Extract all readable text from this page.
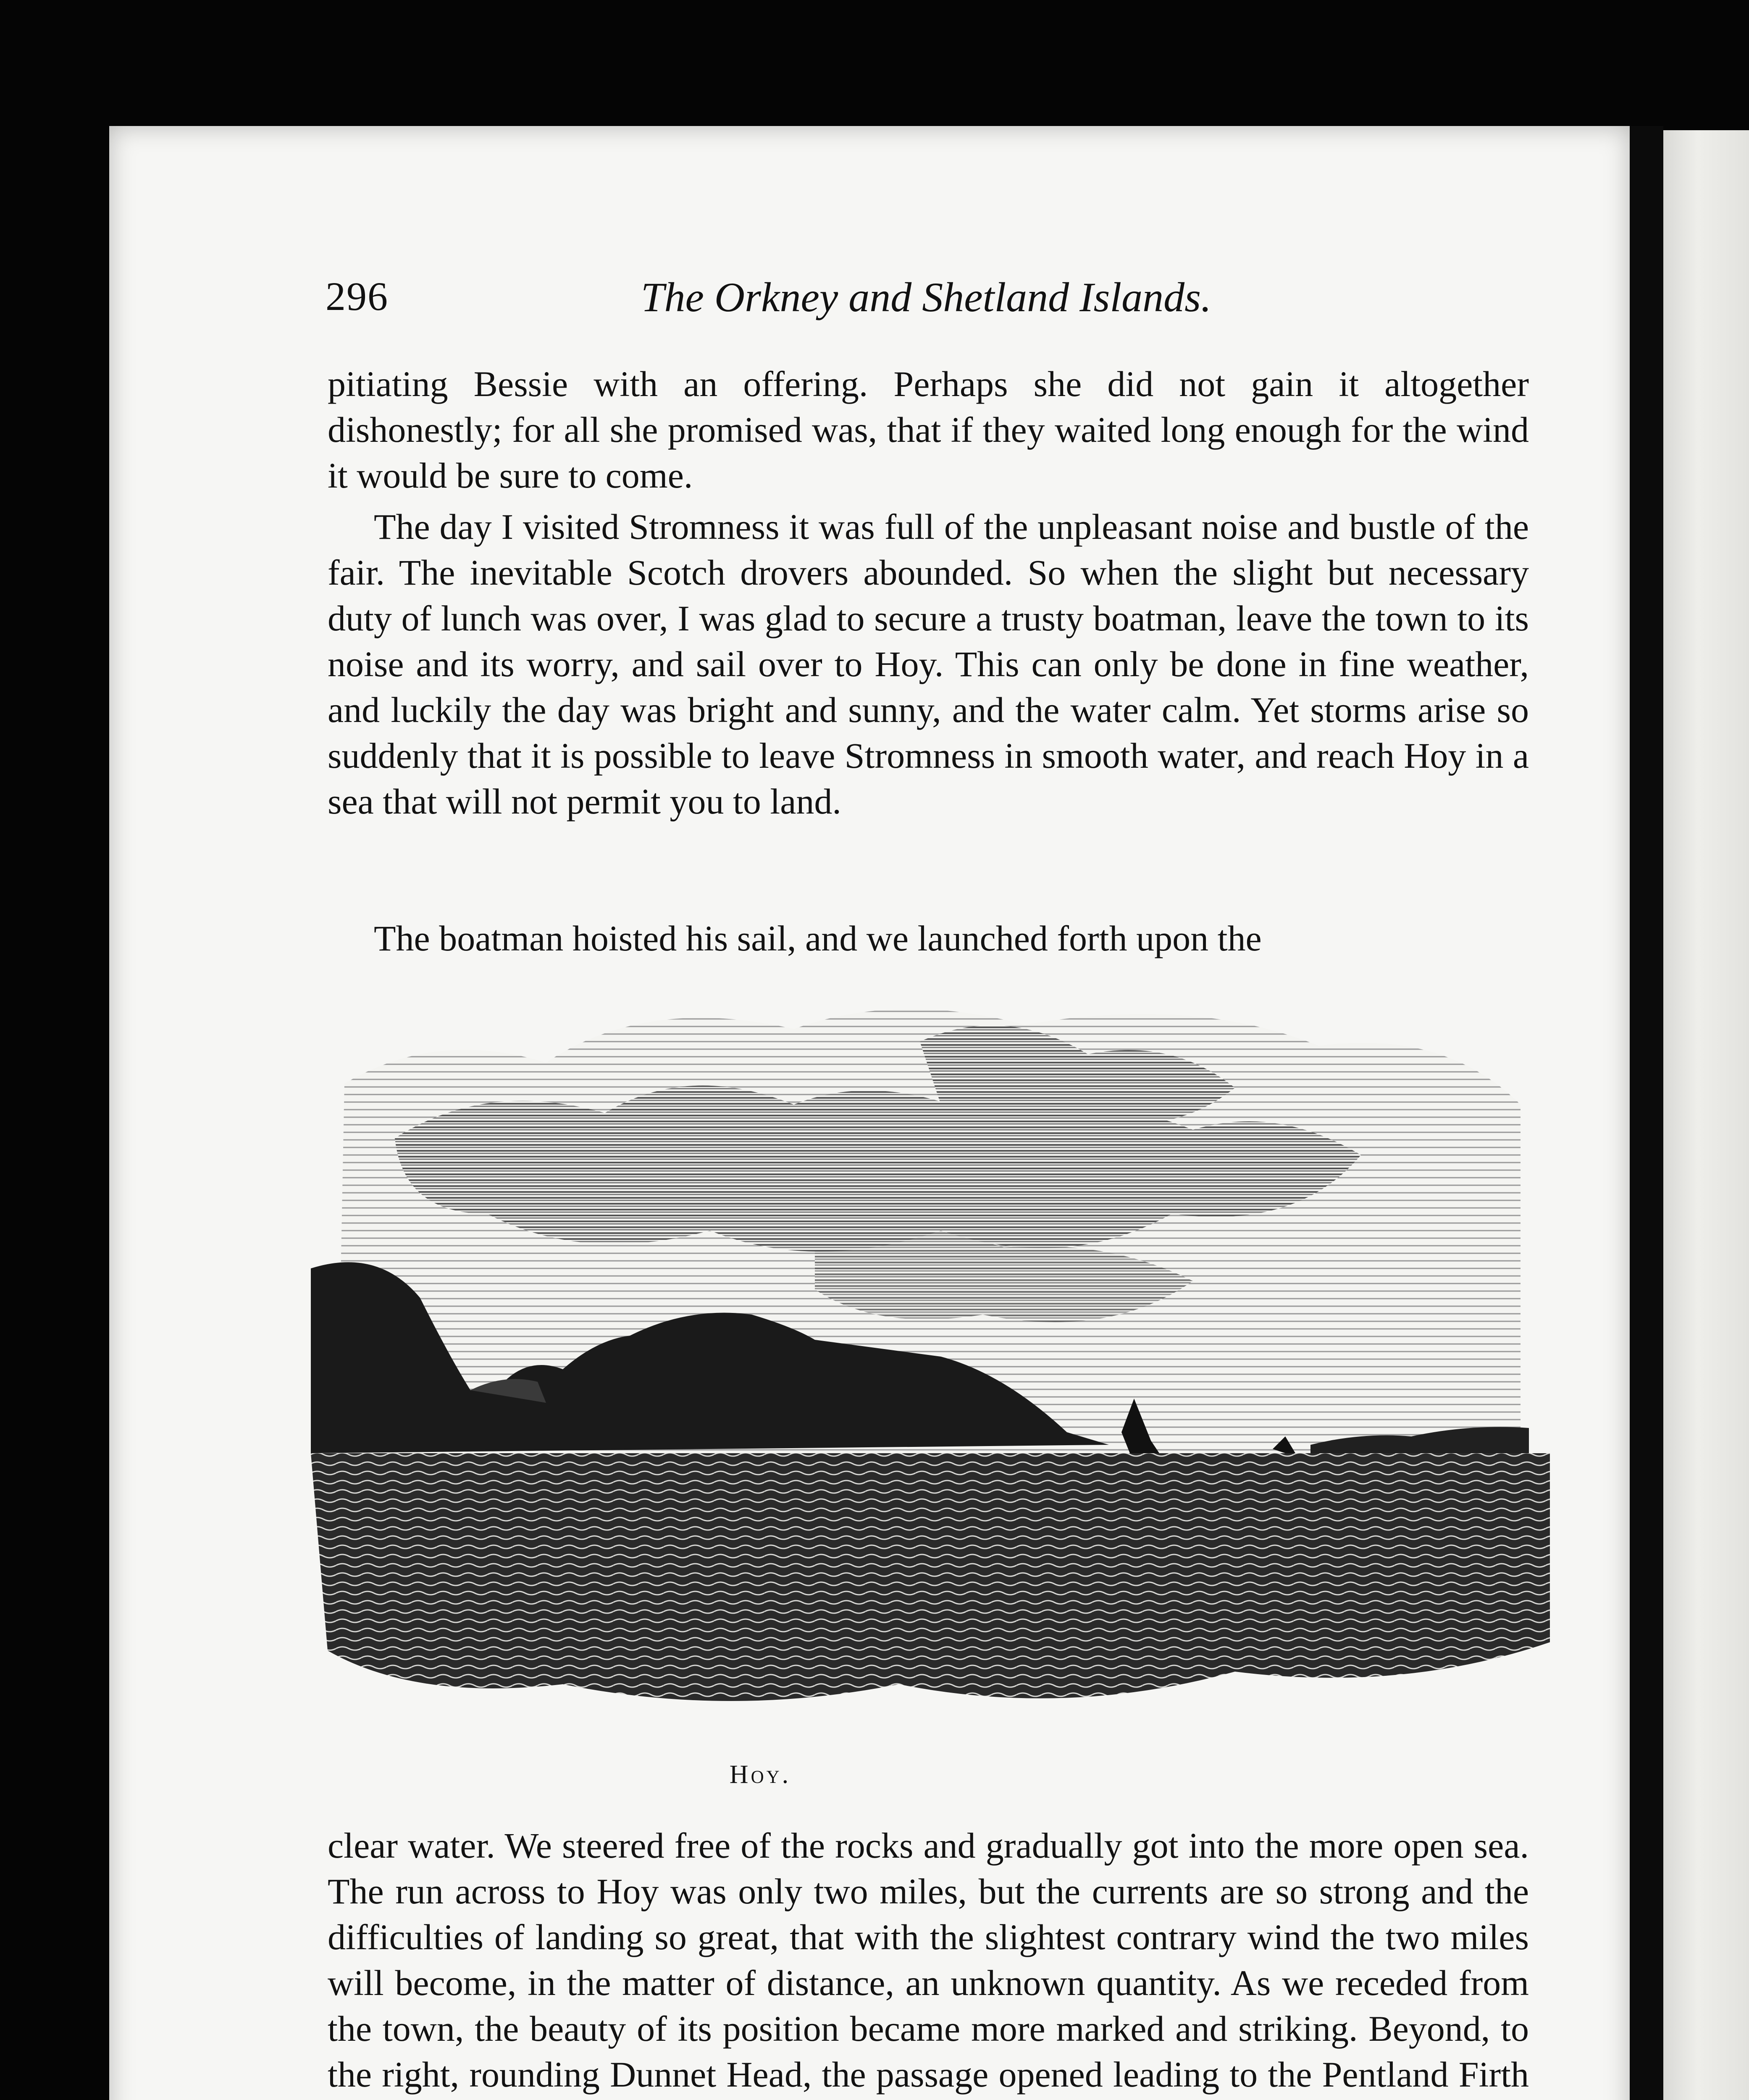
296	The Orkney and Shetland Islands.

pitiating Bessie with an offering. Perhaps she did not gain it altogether dishonestly; for all she promised was, that if they waited long enough for the wind it would be sure to come.

The day I visited Stromness it was full of the unpleasant noise and bustle of the fair. The inevitable Scotch drovers abounded. So when the slight but necessary duty of lunch was over, I was glad to secure a trusty boatman, leave the town to its noise and its worry, and sail over to Hoy. This can only be done in fine weather, and luckily the day was bright and sunny, and the water calm. Yet storms arise so suddenly that it is possible to leave Stromness in smooth water, and reach Hoy in a sea that will not permit you to land.

The boatman hoisted his sail, and we launched forth upon the

Hoy.

clear water. We steered free of the rocks and gradually got into the more open sea. The run across to Hoy was only two miles, but the currents are so strong and the difficulties of landing so great, that with the slightest contrary wind the two miles will become, in the matter of distance, an unknown quantity. As we receded from the town, the beauty of its position became more marked and striking. Beyond, to the right, rounding Dunnet Head, the passage opened leading to the Pentland Firth
